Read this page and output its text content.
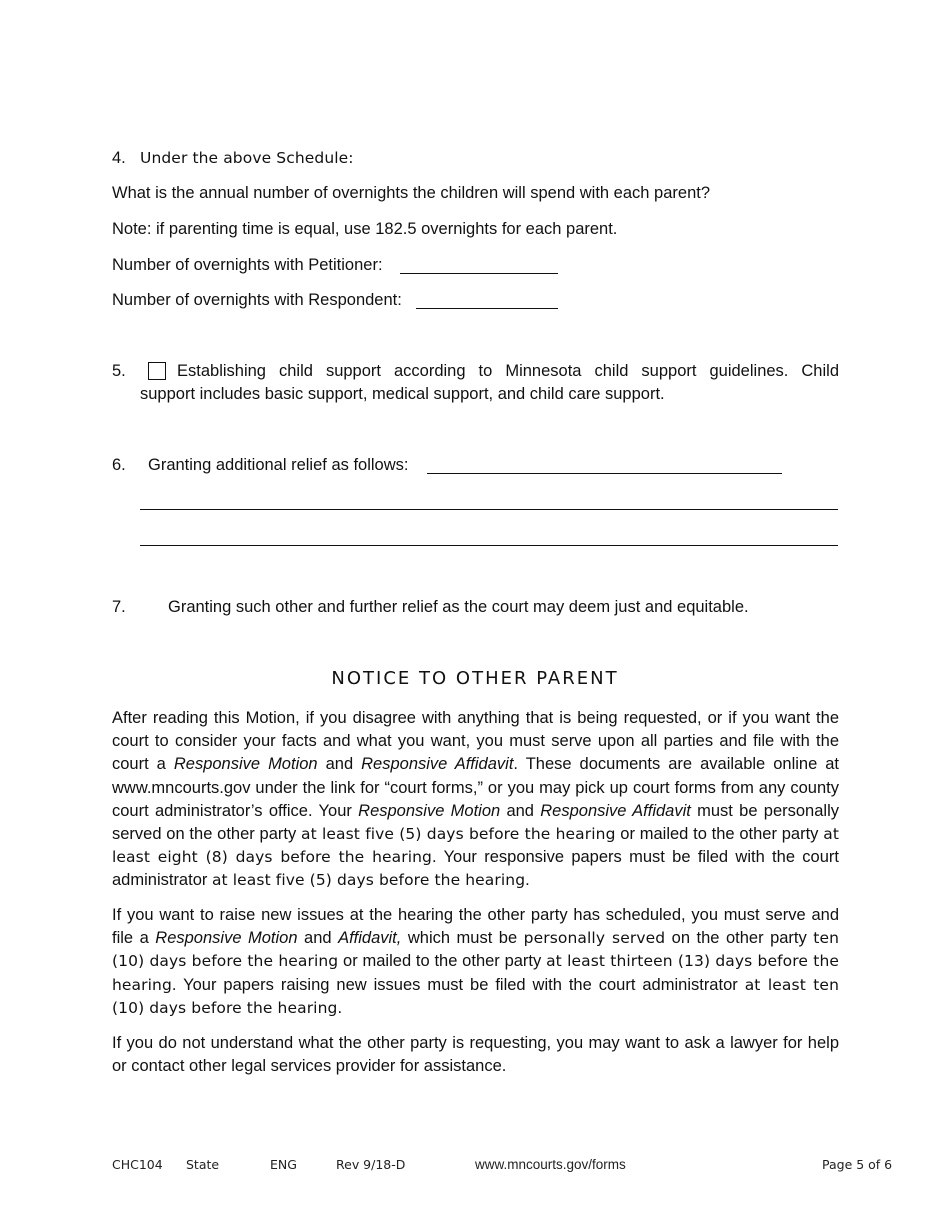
4. Under the above Schedule:
What is the annual number of overnights the children will spend with each parent?
Note: if parenting time is equal, use 182.5 overnights for each parent.
Number of overnights with Petitioner:
Number of overnights with Respondent:
5.	Establishing child support according to Minnesota child support guidelines. Child
support includes basic support, medical support, and child care support.
6. Granting additional relief as follows:
7.	Granting such other and further relief as the court may deem just and equitable.
NOTICE TO OTHER PARENT
After reading this Motion, if you disagree with anything that is being requested, or if you want the court to consider your facts and what you want, you must serve upon all parties and file with the court a Responsive Motion and Responsive Affidavit. These documents are available online at www.mncourts.gov under the link for “court forms,” or you may pick up court forms from any county court administrator’s office. Your Responsive Motion and Responsive Affidavit must be personally served on the other party at least five (5) days before the hearing or mailed to the other party at least eight (8) days before the hearing. Your responsive papers must be filed with the court administrator at least five (5) days before the hearing.
If you want to raise new issues at the hearing the other party has scheduled, you must serve and file a Responsive Motion and Affidavit, which must be personally served on the other party ten (10) days before the hearing or mailed to the other party at least thirteen (13) days before the hearing. Your papers raising new issues must be filed with the court administrator at least ten (10) days before the hearing.
If you do not understand what the other party is requesting, you may want to ask a lawyer for help or contact other legal services provider for assistance.
CHC104 State	ENG	Rev 9/18-D	www.mncourts.gov/forms	Page 5 of 6
